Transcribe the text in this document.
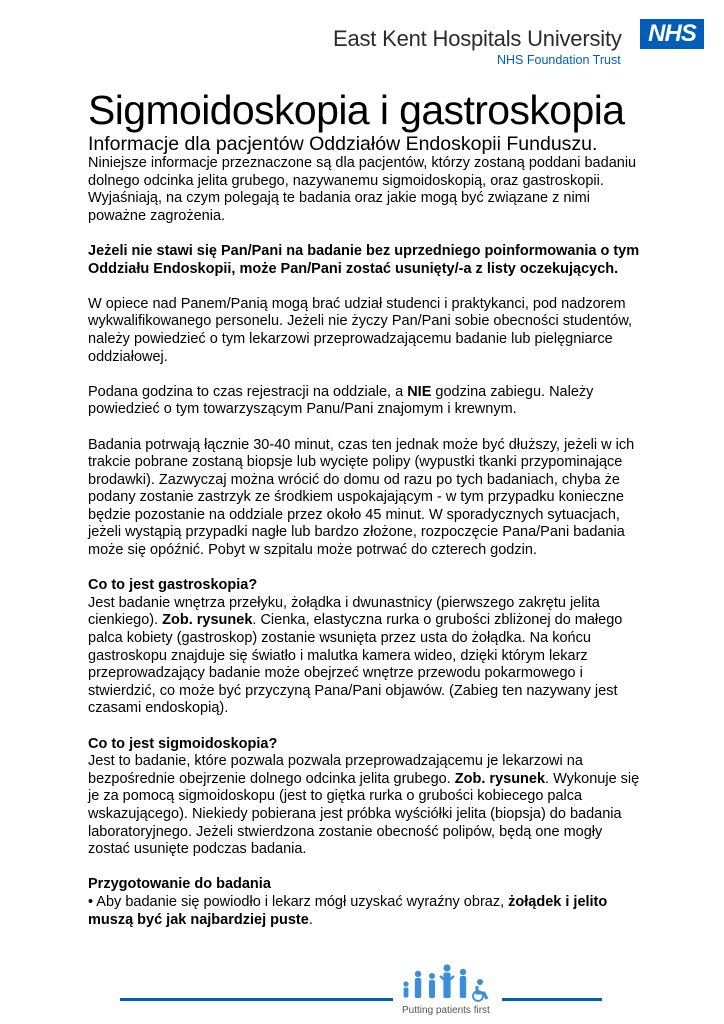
East Kent Hospitals University
NHS Foundation Trust
NHS
Sigmoidoskopia i gastroskopia
Informacje dla pacjentów Oddziałów Endoskopii Funduszu.

Niniejsze informacje przeznaczone są dla pacjentów, którzy zostaną poddani badaniu dolnego odcinka jelita grubego, nazywanemu sigmoidoskopią, oraz gastroskopii. Wyjaśniają, na czym polegają te badania oraz jakie mogą być związane z nimi poważne zagrożenia.

Jeżeli nie stawi się Pan/Pani na badanie bez uprzedniego poinformowania o tym Oddziału Endoskopii, może Pan/Pani zostać usunięty/-a z listy oczekujących.

W opiece nad Panem/Panią mogą brać udział studenci i praktykanci, pod nadzorem wykwalifikowanego personelu. Jeżeli nie życzy Pan/Pani sobie obecności studentów, należy powiedzieć o tym lekarzowi przeprowadzającemu badanie lub pielęgniarce oddziałowej.

Podana godzina to czas rejestracji na oddziale, a NIE godzina zabiegu. Należy powiedzieć o tym towarzyszącym Panu/Pani znajomym i krewnym.

Badania potrwają łącznie 30-40 minut, czas ten jednak może być dłuższy, jeżeli w ich trakcie pobrane zostaną biopsje lub wycięte polipy (wypustki tkanki przypominające brodawki). Zazwyczaj można wrócić do domu od razu po tych badaniach, chyba że podany zostanie zastrzyk ze środkiem uspokajającym - w tym przypadku konieczne będzie pozostanie na oddziale przez około 45 minut. W sporadycznych sytuacjach, jeżeli wystąpią przypadki nagłe lub bardzo złożone, rozpoczęcie Pana/Pani badania może się opóźnić. Pobyt w szpitalu może potrwać do czterech godzin.

Co to jest gastroskopia?

Jest badanie wnętrza przełyku, żołądka i dwunastnicy (pierwszego zakrętu jelita cienkiego). Zob. rysunek. Cienka, elastyczna rurka o grubości zbliżonej do małego palca kobiety (gastroskop) zostanie wsunięta przez usta do żołądka. Na końcu gastroskopu znajduje się światło i malutka kamera wideo, dzięki którym lekarz przeprowadzający badanie może obejrzeć wnętrze przewodu pokarmowego i stwierdzić, co może być przyczyną Pana/Pani objawów. (Zabieg ten nazywany jest czasami endoskopią).

Co to jest sigmoidoskopia?

Jest to badanie, które pozwala pozwala przeprowadzającemu je lekarzowi na bezpośrednie obejrzenie dolnego odcinka jelita grubego. Zob. rysunek. Wykonuje się je za pomocą sigmoidoskopu (jest to giętka rurka o grubości kobiecego palca wskazującego). Niekiedy pobierana jest próbka wyściółki jelita (biopsja) do badania laboratoryjnego. Jeżeli stwierdzona zostanie obecność polipów, będą one mogły zostać usunięte podczas badania.

Przygotowanie do badania

• Aby badanie się powiodło i lekarz mógł uzyskać wyraźny obraz, żołądek i jelito muszą być jak najbardziej puste.

Putting patients first
